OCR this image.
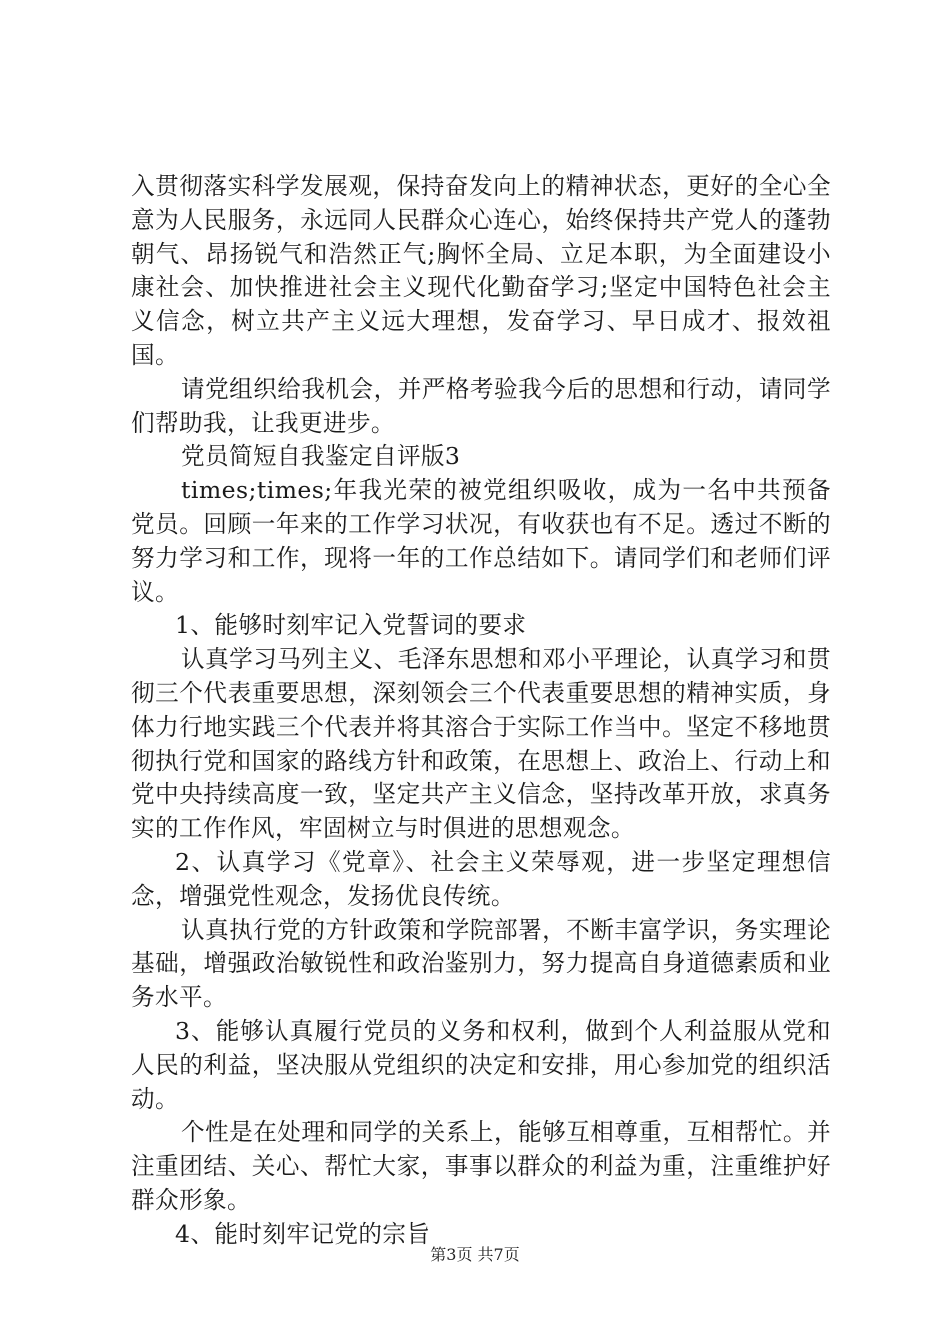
入贯彻落实科学发展观，保持奋发向上的精神状态，更好的全心全意为人民服务，永远同人民群众心连心，始终保持共产党人的蓬勃朝气、昂扬锐气和浩然正气;胸怀全局、立足本职，为全面建设小康社会、加快推进社会主义现代化勤奋学习;坚定中国特色社会主义信念，树立共产主义远大理想，发奋学习、早日成才、报效祖国。

请党组织给我机会，并严格考验我今后的思想和行动，请同学们帮助我，让我更进步。

党员简短自我鉴定自评版3

times;times;年我光荣的被党组织吸收，成为一名中共预备党员。回顾一年来的工作学习状况，有收获也有不足。透过不断的努力学习和工作，现将一年的工作总结如下。请同学们和老师们评议。

1、能够时刻牢记入党誓词的要求

认真学习马列主义、毛泽东思想和邓小平理论，认真学习和贯彻三个代表重要思想，深刻领会三个代表重要思想的精神实质，身体力行地实践三个代表并将其溶合于实际工作当中。坚定不移地贯彻执行党和国家的路线方针和政策，在思想上、政治上、行动上和党中央持续高度一致，坚定共产主义信念，坚持改革开放，求真务实的工作作风，牢固树立与时俱进的思想观念。

2、认真学习《党章》、社会主义荣辱观，进一步坚定理想信念，增强党性观念，发扬优良传统。

认真执行党的方针政策和学院部署，不断丰富学识，务实理论基础，增强政治敏锐性和政治鉴别力，努力提高自身道德素质和业务水平。

3、能够认真履行党员的义务和权利，做到个人利益服从党和人民的利益，坚决服从党组织的决定和安排，用心参加党的组织活动。

个性是在处理和同学的关系上，能够互相尊重，互相帮忙。并注重团结、关心、帮忙大家，事事以群众的利益为重，注重维护好群众形象。

4、能时刻牢记党的宗旨

第3页 共7页
